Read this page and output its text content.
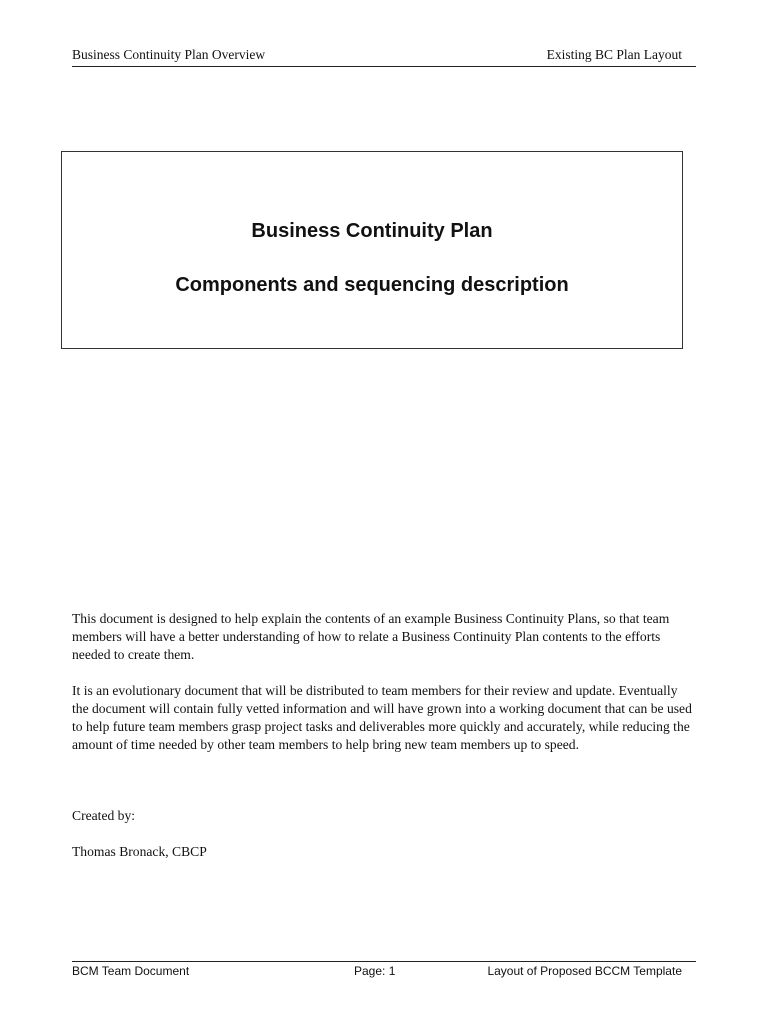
Business Continuity Plan Overview	Existing BC Plan Layout
Business Continuity Plan
Components and sequencing description

This document is designed to help explain the contents of an example Business Continuity Plans, so that team members will have a better understanding of how to relate a Business Continuity Plan contents to the efforts needed to create them.

It is an evolutionary document that will be distributed to team members for their review and update. Eventually the document will contain fully vetted information and will have grown into a working document that can be used to help future team members grasp project tasks and deliverables more quickly and accurately, while reducing the amount of time needed by other team members to help bring new team members up to speed.

Created by:
Thomas Bronack, CBCP
BCM Team Document	Page: 1	Layout of Proposed BCCM Template
